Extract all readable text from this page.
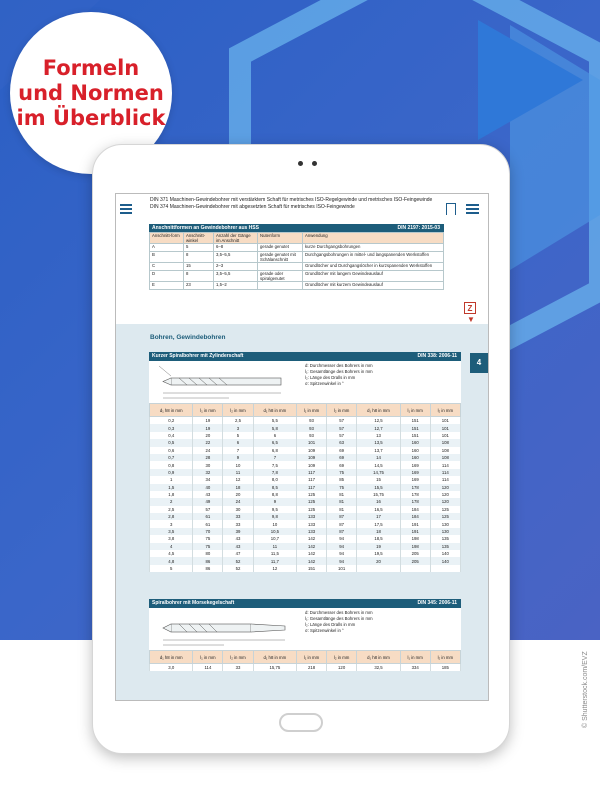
Formeln
und Normen
im Überblick
DIN 371 Maschinen-Gewindebohrer mit verstärktem Schaft für metrisches ISO-Regelgewinde und metrisches ISO-Feingewinde
DIN 374 Maschinen-Gewindebohrer mit abgesetzten Schaft für metrisches ISO-Feingewinde
Anschnittformen an Gewindebohrer aus HSS	DIN 2197: 2015-03
Anschnitt-form	Anschnitt-winkel	Anzahl der Gänge im Anschnitt	Nutenform	Anwendung
A	5	6–8	gerade genutet	kurze Durchgangsbohrungen
B	8	3,5–5,5	gerade genutet mit Schälanschnitt	Durchgangsbohrungen in mittel- und langspanenden Werkstoffen
C	15	2–3		Grundlöcher und Durchgangslöcher in kurzspanenden Werkstoffen
D	8	3,5–5,5	gerade oder spiralgenutet	Grundlöcher mit langem Gewindeauslauf
E	23	1,5–2		Grundlöcher mit kurzem Gewindeauslauf
Z
▼
Bohren, Gewindebohren
4
Kurzer Spiralbohrer mit Zylinderschaft	DIN 338: 2006-11
d: Durchmesser des Bohrers in mm
l₁: Gesamtlänge des Bohrers in mm
l₂: Länge des Dralls in mm
σ: Spitzenwinkel in °
d₁ h8 in mm	l₁ in mm	l₂ in mm	d₁ h8 in mm	l₁ in mm	l₂ in mm	d₁ h8 in mm	l₁ in mm	l₂ in mm
0,2	19	2,5	5,5	93	57	12,5	151	101
0,3	19	3	5,8	93	57	12,7	151	101
0,4	20	5	6	93	57	13	151	101
0,5	22	6	6,5	101	63	13,5	160	108
0,6	24	7	6,8	109	69	13,7	160	108
0,7	28	9	7	109	69	14	160	108
0,8	30	10	7,5	109	69	14,5	169	114
0,9	32	11	7,8	117	75	14,75	169	114
1	34	12	8,0	117	85	15	169	114
1,5	40	18	8,5	117	75	15,5	178	120
1,8	43	20	8,8	125	81	15,75	178	120
2	49	24	9	125	81	16	178	120
2,5	57	30	9,5	125	81	16,5	184	125
2,8	61	33	9,8	133	87	17	184	125
3	61	33	10	133	87	17,5	191	130
3,5	70	39	10,5	133	87	18	191	130
3,8	75	43	10,7	142	94	18,5	198	135
4	75	43	11	142	94	19	198	135
4,5	80	47	11,5	142	94	19,5	205	140
4,8	86	52	11,7	142	94	20	205	140
5	86	52	12	151	101			
Spiralbohrer mit Morsekegelschaft	DIN 345: 2006-11
d: Durchmesser des Bohrers in mm
l₁: Gesamtlänge des Bohrers in mm
l₂: Länge des Dralls in mm
σ: Spitzenwinkel in °
d₁ h8 in mm	l₁ in mm	l₂ in mm	d₁ h8 in mm	l₁ in mm	l₂ in mm	d₁ h8 in mm	l₁ in mm	l₂ in mm
3,0	114	33	15,75	218	120	32,5	334	185	© Shutterstock.com/EVZ
